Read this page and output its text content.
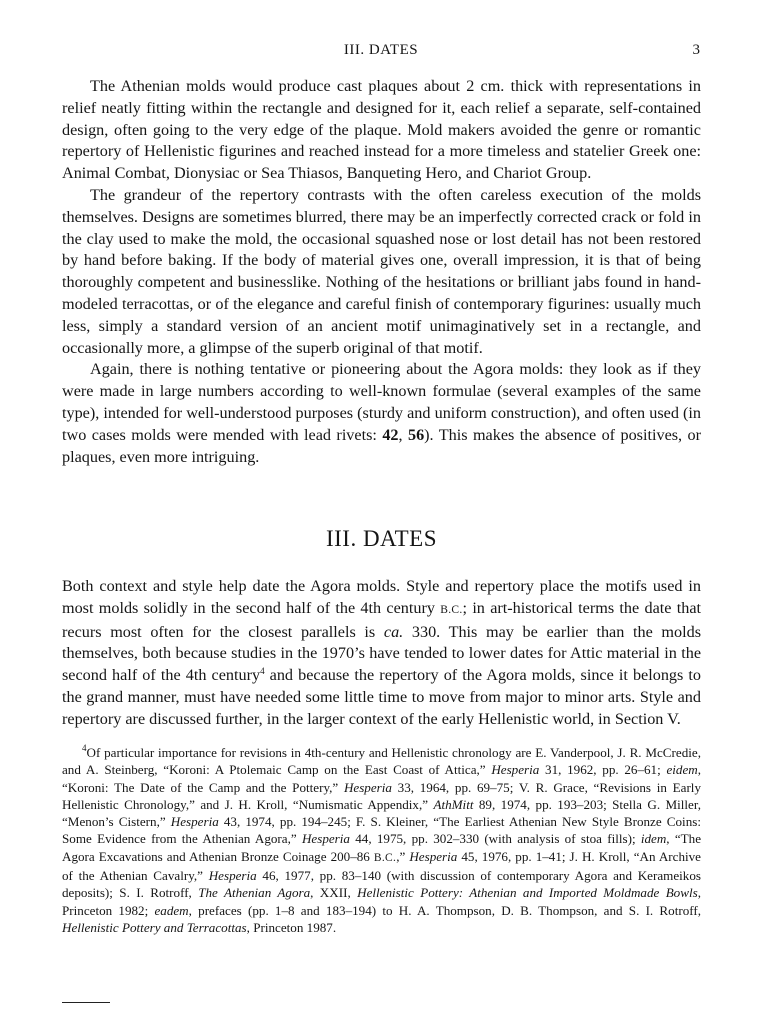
III. DATES	3

The Athenian molds would produce cast plaques about 2 cm. thick with representations in relief neatly fitting within the rectangle and designed for it, each relief a separate, self-contained design, often going to the very edge of the plaque. Mold makers avoided the genre or romantic repertory of Hellenistic figurines and reached instead for a more timeless and statelier Greek one: Animal Combat, Dionysiac or Sea Thiasos, Banqueting Hero, and Chariot Group.

The grandeur of the repertory contrasts with the often careless execution of the molds themselves. Designs are sometimes blurred, there may be an imperfectly corrected crack or fold in the clay used to make the mold, the occasional squashed nose or lost detail has not been restored by hand before baking. If the body of material gives one, overall impression, it is that of being thoroughly competent and businesslike. Nothing of the hesitations or brilliant jabs found in hand-modeled terracottas, or of the elegance and careful finish of contemporary figurines: usually much less, simply a standard version of an ancient motif unimaginatively set in a rectangle, and occasionally more, a glimpse of the superb original of that motif.

Again, there is nothing tentative or pioneering about the Agora molds: they look as if they were made in large numbers according to well-known formulae (several examples of the same type), intended for well-understood purposes (sturdy and uniform construction), and often used (in two cases molds were mended with lead rivets: 42, 56). This makes the absence of positives, or plaques, even more intriguing.

III. DATES

Both context and style help date the Agora molds. Style and repertory place the motifs used in most molds solidly in the second half of the 4th century B.C.; in art-historical terms the date that recurs most often for the closest parallels is ca. 330. This may be earlier than the molds themselves, both because studies in the 1970’s have tended to lower dates for Attic material in the second half of the 4th century$^4$ and because the repertory of the Agora molds, since it belongs to the grand manner, must have needed some little time to move from major to minor arts. Style and repertory are discussed further, in the larger context of the early Hellenistic world, in Section V.

$^4$Of particular importance for revisions in 4th-century and Hellenistic chronology are E. Vanderpool, J. R. McCredie, and A. Steinberg, “Koroni: A Ptolemaic Camp on the East Coast of Attica,” Hesperia 31, 1962, pp. 26–61; eidem, “Koroni: The Date of the Camp and the Pottery,” Hesperia 33, 1964, pp. 69–75; V. R. Grace, “Revisions in Early Hellenistic Chronology,” and J. H. Kroll, “Numismatic Appendix,” AthMitt 89, 1974, pp. 193–203; Stella G. Miller, “Menon’s Cistern,” Hesperia 43, 1974, pp. 194–245; F. S. Kleiner, “The Earliest Athenian New Style Bronze Coins: Some Evidence from the Athenian Agora,” Hesperia 44, 1975, pp. 302–330 (with analysis of stoa fills); idem, “The Agora Excavations and Athenian Bronze Coinage 200–86 B.C.,” Hesperia 45, 1976, pp. 1–41; J. H. Kroll, “An Archive of the Athenian Cavalry,” Hesperia 46, 1977, pp. 83–140 (with discussion of contemporary Agora and Kerameikos deposits); S. I. Rotroff, The Athenian Agora, XXII, Hellenistic Pottery: Athenian and Imported Moldmade Bowls, Princeton 1982; eadem, prefaces (pp. 1–8 and 183–194) to H. A. Thompson, D. B. Thompson, and S. I. Rotroff, Hellenistic Pottery and Terracottas, Princeton 1987.
